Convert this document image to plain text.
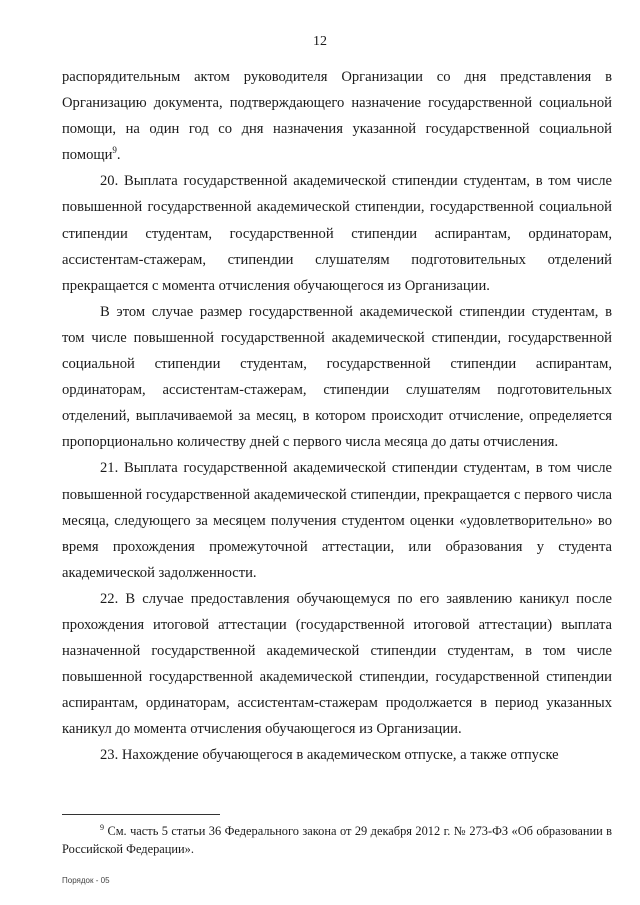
12

распорядительным актом руководителя Организации со дня представления в Организацию документа, подтверждающего назначение государственной социальной помощи, на один год со дня назначения указанной государственной социальной помощи$^9$.

20. Выплата государственной академической стипендии студентам, в том числе повышенной государственной академической стипендии, государственной социальной стипендии студентам, государственной стипендии аспирантам, ординаторам, ассистентам-стажерам, стипендии слушателям подготовительных отделений прекращается с момента отчисления обучающегося из Организации.

В этом случае размер государственной академической стипендии студентам, в том числе повышенной государственной академической стипендии, государственной социальной стипендии студентам, государственной стипендии аспирантам, ординаторам, ассистентам-стажерам, стипендии слушателям подготовительных отделений, выплачиваемой за месяц, в котором происходит отчисление, определяется пропорционально количеству дней с первого числа месяца до даты отчисления.

21. Выплата государственной академической стипендии студентам, в том числе повышенной государственной академической стипендии, прекращается с первого числа месяца, следующего за месяцем получения студентом оценки «удовлетворительно» во время прохождения промежуточной аттестации, или образования у студента академической задолженности.

22. В случае предоставления обучающемуся по его заявлению каникул после прохождения итоговой аттестации (государственной итоговой аттестации) выплата назначенной государственной академической стипендии студентам, в том числе повышенной государственной академической стипендии, государственной стипендии аспирантам, ординаторам, ассистентам-стажерам продолжается в период указанных каникул до момента отчисления обучающегося из Организации.

23. Нахождение обучающегося в академическом отпуске, а также отпуске

$^9$ См. часть 5 статьи 36 Федерального закона от 29 декабря 2012 г. № 273-ФЗ «Об образовании в Российской Федерации».
Порядок - 05
